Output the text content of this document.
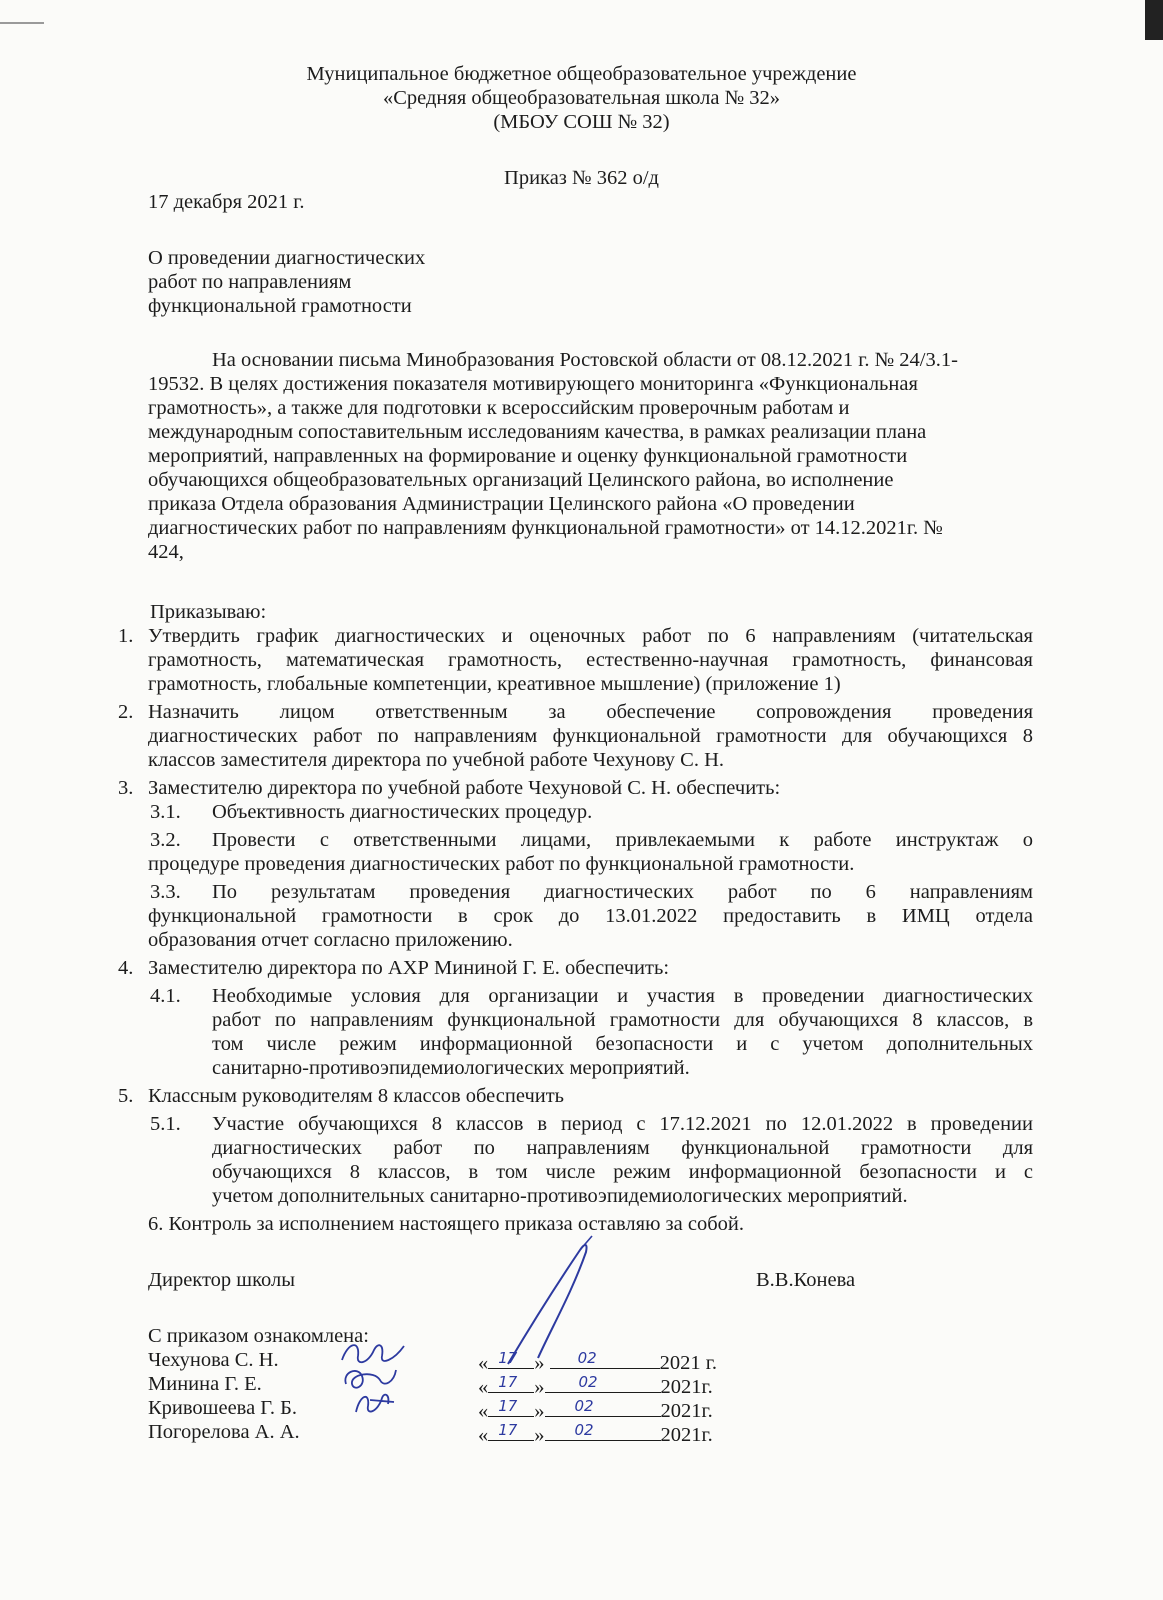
Муниципальное бюджетное общеобразовательное учреждение
«Средняя общеобразовательная школа № 32»
(МБОУ СОШ № 32)
Приказ № 362 о/д
17 декабря 2021 г.
О проведении диагностических
работ по направлениям
функциональной грамотности
На основании письма Минобразования Ростовской области от 08.12.2021 г. № 24/3.1-
19532. В целях достижения показателя мотивирующего мониторинга «Функциональная
грамотность», а также для подготовки к всероссийским проверочным работам и
международным сопоставительным исследованиям качества, в рамках реализации плана
мероприятий, направленных на формирование и оценку функциональной грамотности
обучающихся общеобразовательных организаций Целинского района, во исполнение
приказа Отдела образования Администрации Целинского района «О проведении
диагностических работ по направлениям функциональной грамотности» от 14.12.2021г. №
424,
Приказываю:
1. Утвердить график диагностических и оценочных работ по 6 направлениям (читательская
грамотность, математическая грамотность, естественно-научная грамотность, финансовая
грамотность, глобальные компетенции, креативное мышление) (приложение 1)
2. Назначить лицом ответственным за обеспечение сопровождения проведения
диагностических работ по направлениям функциональной грамотности для обучающихся 8
классов заместителя директора по учебной работе Чехунову С. Н.
3. Заместителю директора по учебной работе Чехуновой С. Н. обеспечить:
3.1. Объективность диагностических процедур.
3.2. Провести с ответственными лицами, привлекаемыми к работе инструктаж о
процедуре проведения диагностических работ по функциональной грамотности.
3.3. По результатам проведения диагностических работ по 6 направлениям
функциональной грамотности в срок до 13.01.2022 предоставить в ИМЦ отдела
образования отчет согласно приложению.
4. Заместителю директора по АХР Мининой Г. Е. обеспечить:
4.1. Необходимые условия для организации и участия в проведении диагностических
работ по направлениям функциональной грамотности для обучающихся 8 классов, в
том числе режим информационной безопасности и с учетом дополнительных
санитарно-противоэпидемиологических мероприятий.
5. Классным руководителям 8 классов обеспечить
5.1. Участие обучающихся 8 классов в период с 17.12.2021 по 12.01.2022 в проведении
диагностических работ по направлениям функциональной грамотности для
обучающихся 8 классов, в том числе режим информационной безопасности и с
учетом дополнительных санитарно-противоэпидемиологических мероприятий.
6. Контроль за исполнением настоящего приказа оставляю за собой.
Директор школы	В.В.Конева
С приказом ознакомлена:
Чехунова С. Н.	« 17 » 02	2021 г.
Минина Г. Е.	« 17 » 02	2021г.
Кривошеева Г. Б.	« 17 » 02	2021г.
Погорелова А. А.	« 17 » 02	2021г.
